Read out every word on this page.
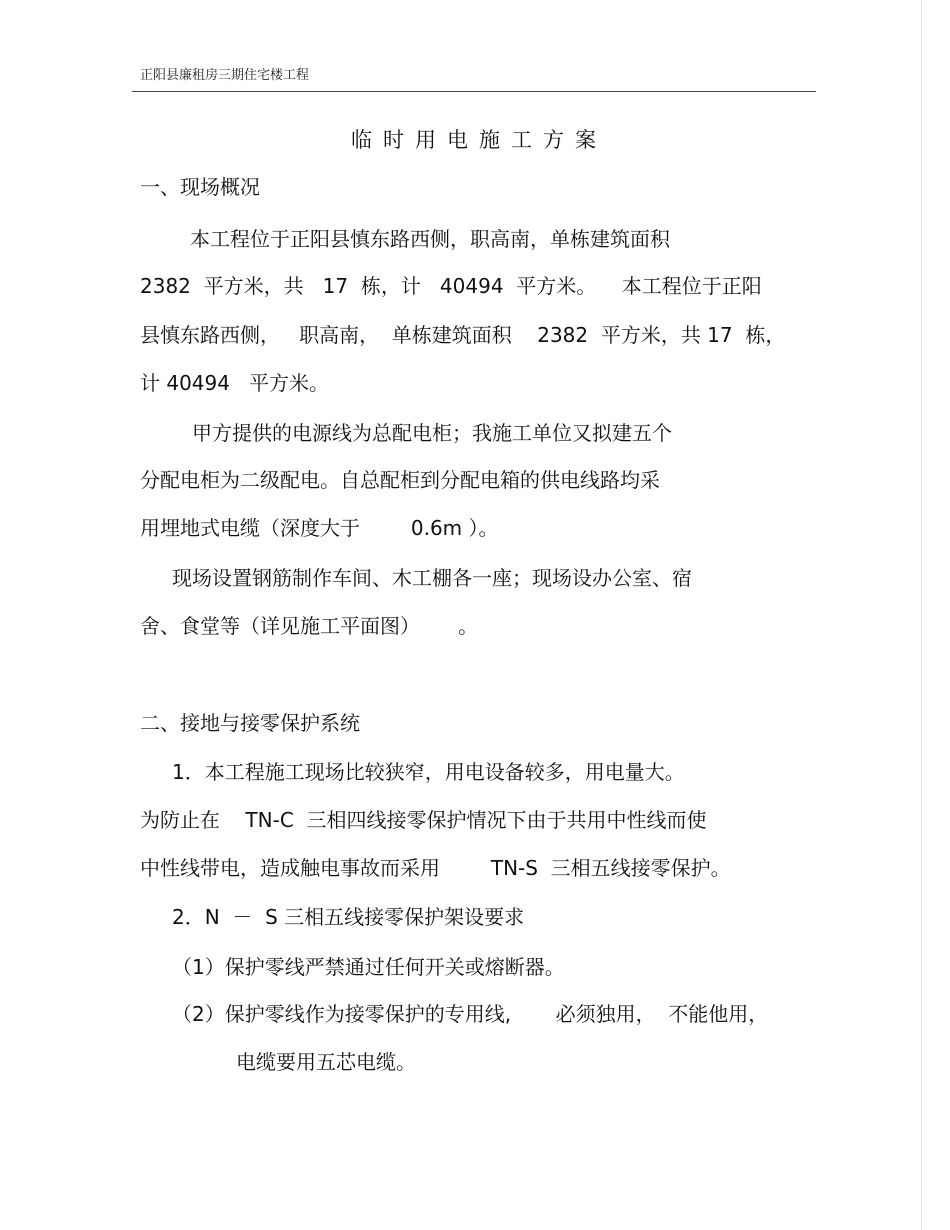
正阳县廉租房三期住宅楼工程
临时用电施工方案
一、现场概况
本工程位于正阳县慎东路西侧，职高南，单栋建筑面积
2382  平方米，共   17  栋，计   40494  平方米。    本工程位于正阳
县慎东路西侧，   职高南，  单栋建筑面积    2382  平方米，共 17  栋，
计 40494   平方米。
甲方提供的电源线为总配电柜；我施工单位又拟建五个
分配电柜为二级配电。自总配柜到分配电箱的供电线路均采
用埋地式电缆（深度大于        0.6m ）。
现场设置钢筋制作车间、木工棚各一座；现场设办公室、宿
舍、食堂等（详见施工平面图）      。
二、接地与接零保护系统
1．本工程施工现场比较狭窄，用电设备较多，用电量大。
为防止在    TN-C  三相四线接零保护情况下由于共用中性线而使
中性线带电，造成触电事故而采用        TN-S  三相五线接零保护。
2．N  －  S 三相五线接零保护架设要求
（1）保护零线严禁通过任何开关或熔断器。
（2）保护零线作为接零保护的专用线,       必须独用，  不能他用，
电缆要用五芯电缆。
